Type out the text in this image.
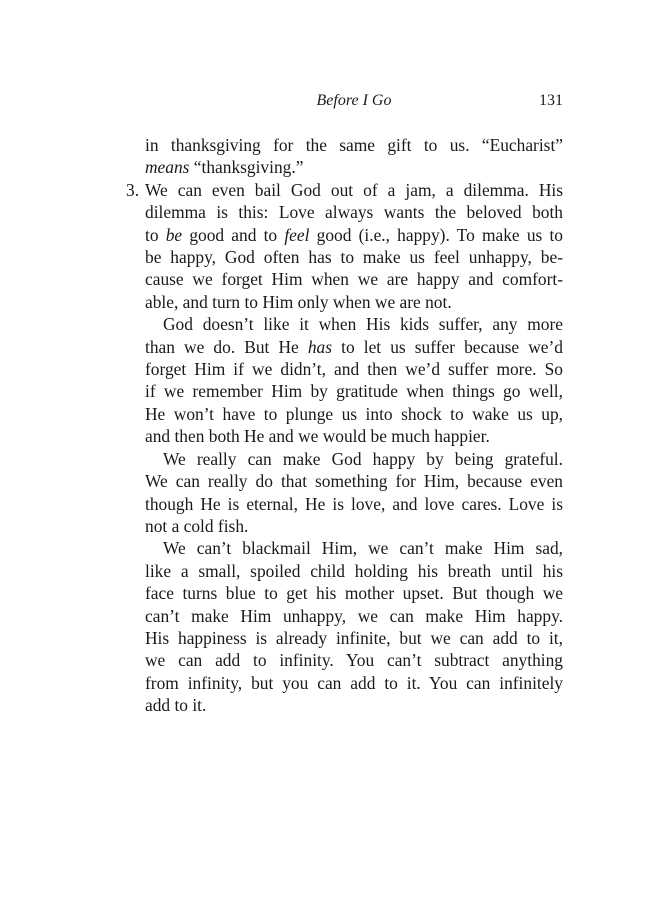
Before I Go	131

in thanksgiving for the same gift to us. “Eucharist”
means “thanksgiving.”

3. We can even bail God out of a jam, a dilemma. His
dilemma is this: Love always wants the beloved both
to be good and to feel good (i.e., happy). To make us to
be happy, God often has to make us feel unhappy, be-
cause we forget Him when we are happy and comfort-
able, and turn to Him only when we are not.

God doesn’t like it when His kids suffer, any more
than we do. But He has to let us suffer because we’d
forget Him if we didn’t, and then we’d suffer more. So
if we remember Him by gratitude when things go well,
He won’t have to plunge us into shock to wake us up,
and then both He and we would be much happier.

We really can make God happy by being grateful.
We can really do that something for Him, because even
though He is eternal, He is love, and love cares. Love is
not a cold fish.

We can’t blackmail Him, we can’t make Him sad,
like a small, spoiled child holding his breath until his
face turns blue to get his mother upset. But though we
can’t make Him unhappy, we can make Him happy.
His happiness is already infinite, but we can add to it,
we can add to infinity. You can’t subtract anything
from infinity, but you can add to it. You can infinitely
add to it.
